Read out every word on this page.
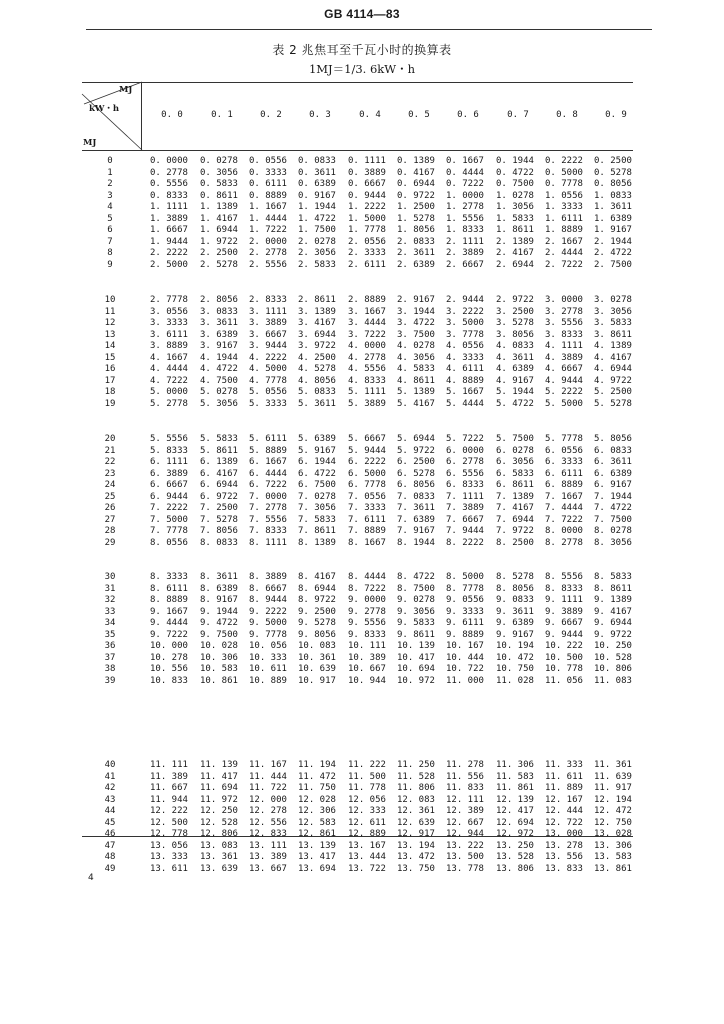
GB 4114—83
表 2 兆焦耳至千瓦小时的换算表
1MJ＝1/3. 6kW・h
MJ
kW・h
MJ
0. 0	0. 1	0. 2	0. 3	0. 4	0. 5	0. 6	0. 7	0. 8	0. 9
0	0. 0000 0. 0278 0. 0556 0. 0833 0. 1111 0. 1389 0. 1667 0. 1944 0. 2222 0. 2500
1	0. 2778 0. 3056 0. 3333 0. 3611 0. 3889 0. 4167 0. 4444 0. 4722 0. 5000 0. 5278
2	0. 5556 0. 5833 0. 6111 0. 6389 0. 6667 0. 6944 0. 7222 0. 7500 0. 7778 0. 8056
3	0. 8333 0. 8611 0. 8889 0. 9167 0. 9444 0. 9722 1. 0000 1. 0278 1. 0556 1. 0833
4	1. 1111 1. 1389 1. 1667 1. 1944 1. 2222 1. 2500 1. 2778 1. 3056 1. 3333 1. 3611
5	1. 3889 1. 4167 1. 4444 1. 4722 1. 5000 1. 5278 1. 5556 1. 5833 1. 6111 1. 6389
6	1. 6667 1. 6944 1. 7222 1. 7500 1. 7778 1. 8056 1. 8333 1. 8611 1. 8889 1. 9167
7	1. 9444 1. 9722 2. 0000 2. 0278 2. 0556 2. 0833 2. 1111 2. 1389 2. 1667 2. 1944
8	2. 2222 2. 2500 2. 2778 2. 3056 2. 3333 2. 3611 2. 3889 2. 4167 2. 4444 2. 4722
9	2. 5000 2. 5278 2. 5556 2. 5833 2. 6111 2. 6389 2. 6667 2. 6944 2. 7222 2. 7500
10	2. 7778 2. 8056 2. 8333 2. 8611 2. 8889 2. 9167 2. 9444 2. 9722 3. 0000 3. 0278
11	3. 0556 3. 0833 3. 1111 3. 1389 3. 1667 3. 1944 3. 2222 3. 2500 3. 2778 3. 3056
12	3. 3333 3. 3611 3. 3889 3. 4167 3. 4444 3. 4722 3. 5000 3. 5278 3. 5556 3. 5833
13	3. 6111 3. 6389 3. 6667 3. 6944 3. 7222 3. 7500 3. 7778 3. 8056 3. 8333 3. 8611
14	3. 8889 3. 9167 3. 9444 3. 9722 4. 0000 4. 0278 4. 0556 4. 0833 4. 1111 4. 1389
15	4. 1667 4. 1944 4. 2222 4. 2500 4. 2778 4. 3056 4. 3333 4. 3611 4. 3889 4. 4167
16	4. 4444 4. 4722 4. 5000 4. 5278 4. 5556 4. 5833 4. 6111 4. 6389 4. 6667 4. 6944
17	4. 7222 4. 7500 4. 7778 4. 8056 4. 8333 4. 8611 4. 8889 4. 9167 4. 9444 4. 9722
18	5. 0000 5. 0278 5. 0556 5. 0833 5. 1111 5. 1389 5. 1667 5. 1944 5. 2222 5. 2500
19	5. 2778 5. 3056 5. 3333 5. 3611 5. 3889 5. 4167 5. 4444 5. 4722 5. 5000 5. 5278
20	5. 5556 5. 5833 5. 6111 5. 6389 5. 6667 5. 6944 5. 7222 5. 7500 5. 7778 5. 8056
21	5. 8333 5. 8611 5. 8889 5. 9167 5. 9444 5. 9722 6. 0000 6. 0278 6. 0556 6. 0833
22	6. 1111 6. 1389 6. 1667 6. 1944 6. 2222 6. 2500 6. 2778 6. 3056 6. 3333 6. 3611
23	6. 3889 6. 4167 6. 4444 6. 4722 6. 5000 6. 5278 6. 5556 6. 5833 6. 6111 6. 6389
24	6. 6667 6. 6944 6. 7222 6. 7500 6. 7778 6. 8056 6. 8333 6. 8611 6. 8889 6. 9167
25	6. 9444 6. 9722 7. 0000 7. 0278 7. 0556 7. 0833 7. 1111 7. 1389 7. 1667 7. 1944
26	7. 2222 7. 2500 7. 2778 7. 3056 7. 3333 7. 3611 7. 3889 7. 4167 7. 4444 7. 4722
27	7. 5000 7. 5278 7. 5556 7. 5833 7. 6111 7. 6389 7. 6667 7. 6944 7. 7222 7. 7500
28	7. 7778 7. 8056 7. 8333 7. 8611 7. 8889 7. 9167 7. 9444 7. 9722 8. 0000 8. 0278
29	8. 0556 8. 0833 8. 1111 8. 1389 8. 1667 8. 1944 8. 2222 8. 2500 8. 2778 8. 3056
30	8. 3333 8. 3611 8. 3889 8. 4167 8. 4444 8. 4722 8. 5000 8. 5278 8. 5556 8. 5833
31	8. 6111 8. 6389 8. 6667 8. 6944 8. 7222 8. 7500 8. 7778 8. 8056 8. 8333 8. 8611
32	8. 8889 8. 9167 8. 9444 8. 9722 9. 0000 9. 0278 9. 0556 9. 0833 9. 1111 9. 1389
33	9. 1667 9. 1944 9. 2222 9. 2500 9. 2778 9. 3056 9. 3333 9. 3611 9. 3889 9. 4167
34	9. 4444 9. 4722 9. 5000 9. 5278 9. 5556 9. 5833 9. 6111 9. 6389 9. 6667 9. 6944
35	9. 7222 9. 7500 9. 7778 9. 8056 9. 8333 9. 8611 9. 8889 9. 9167 9. 9444 9. 9722
36	10. 000 10. 028 10. 056 10. 083 10. 111 10. 139 10. 167 10. 194 10. 222 10. 250
37	10. 278 10. 306 10. 333 10. 361 10. 389 10. 417 10. 444 10. 472 10. 500 10. 528
38	10. 556 10. 583 10. 611 10. 639 10. 667 10. 694 10. 722 10. 750 10. 778 10. 806
39	10. 833 10. 861 10. 889 10. 917 10. 944 10. 972 11. 000 11. 028 11. 056 11. 083
40	11. 111 11. 139 11. 167 11. 194 11. 222 11. 250 11. 278 11. 306 11. 333 11. 361
41	11. 389 11. 417 11. 444 11. 472 11. 500 11. 528 11. 556 11. 583 11. 611 11. 639
42	11. 667 11. 694 11. 722 11. 750 11. 778 11. 806 11. 833 11. 861 11. 889 11. 917
43	11. 944 11. 972 12. 000 12. 028 12. 056 12. 083 12. 111 12. 139 12. 167 12. 194
44	12. 222 12. 250 12. 278 12. 306 12. 333 12. 361 12. 389 12. 417 12. 444 12. 472
45	12. 500 12. 528 12. 556 12. 583 12. 611 12. 639 12. 667 12. 694 12. 722 12. 750
46	12. 778 12. 806 12. 833 12. 861 12. 889 12. 917 12. 944 12. 972 13. 000 13. 028
47	13. 056 13. 083 13. 111 13. 139 13. 167 13. 194 13. 222 13. 250 13. 278 13. 306
48	13. 333 13. 361 13. 389 13. 417 13. 444 13. 472 13. 500 13. 528 13. 556 13. 583
49	13. 611 13. 639 13. 667 13. 694 13. 722 13. 750 13. 778 13. 806 13. 833 13. 861
4
